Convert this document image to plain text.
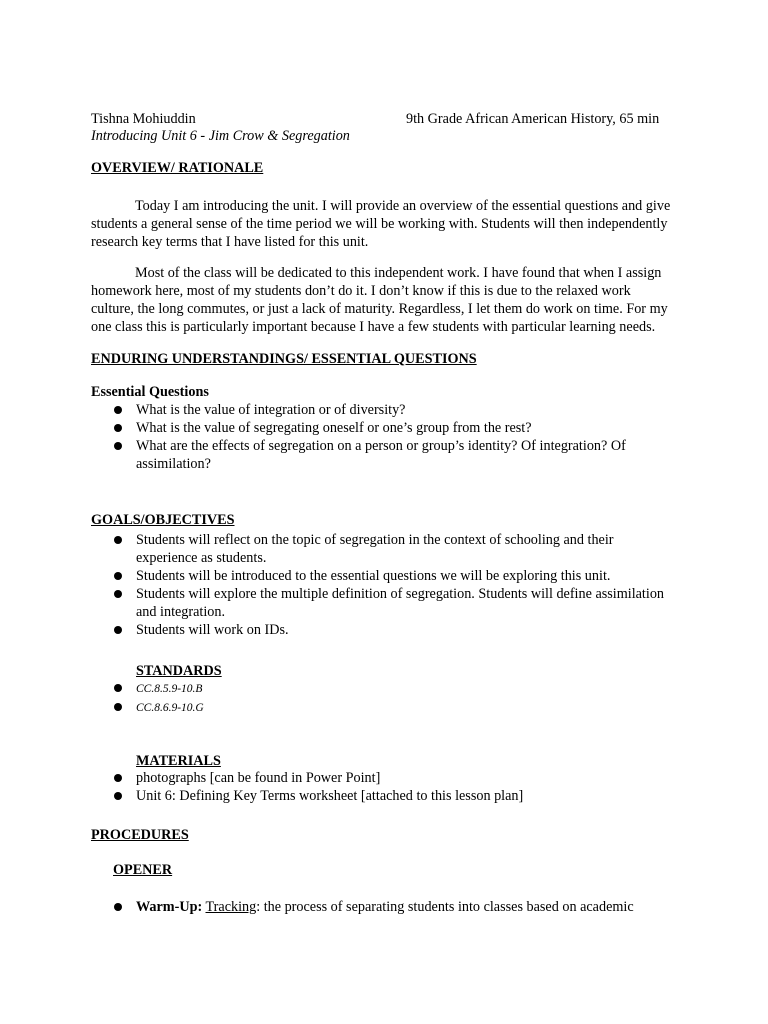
Tishna Mohiuddin	9th Grade African American History, 65 min
Introducing Unit 6 - Jim Crow & Segregation
OVERVIEW/ RATIONALE
Today I am introducing the unit. I will provide an overview of the essential questions and give students a general sense of the time period we will be working with. Students will then independently research key terms that I have listed for this unit.
Most of the class will be dedicated to this independent work. I have found that when I assign homework here, most of my students don’t do it. I don’t know if this is due to the relaxed work culture, the long commutes, or just a lack of maturity. Regardless, I let them do work on time. For my one class this is particularly important because I have a few students with particular learning needs.
ENDURING UNDERSTANDINGS/ ESSENTIAL QUESTIONS
Essential Questions
What is the value of integration or of diversity?
What is the value of segregating oneself or one’s group from the rest?
What are the effects of segregation on a person or group’s identity? Of integration? Of assimilation?
GOALS/OBJECTIVES
Students will reflect on the topic of segregation in the context of schooling and their experience as students.
Students will be introduced to the essential questions we will be exploring this unit.
Students will explore the multiple definition of segregation. Students will define assimilation and integration.
Students will work on IDs.
STANDARDS
CC.8.5.9-10.B
CC.8.6.9-10.G
MATERIALS
photographs [can be found in Power Point]
Unit 6: Defining Key Terms worksheet [attached to this lesson plan]
PROCEDURES
OPENER
Warm-Up: Tracking: the process of separating students into classes based on academic
